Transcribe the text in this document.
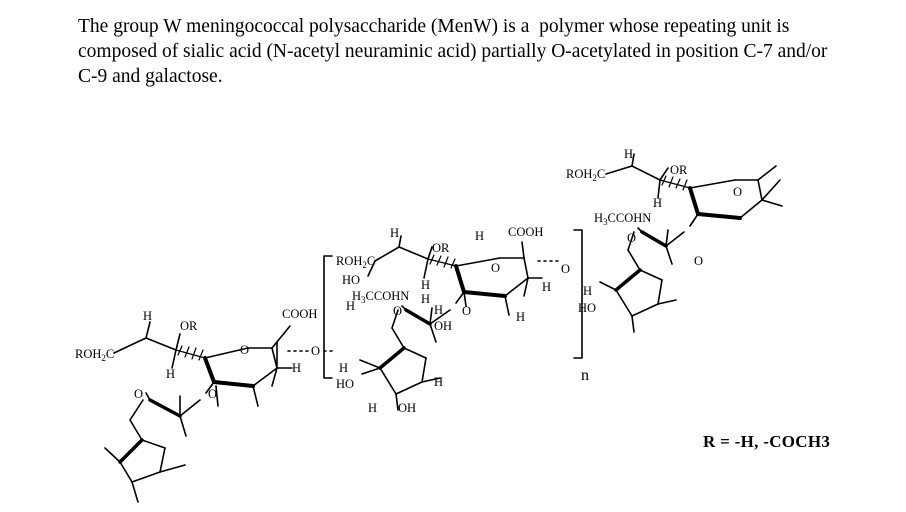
The group W meningococcal polysaccharide (MenW) is a  polymer whose repeating unit is composed of sialic acid (N-acetyl neuraminic acid) partially O-acetylated in position C-7 and/or C-9 and galactose.
$ROH_2C$
H
OR
H
COOH
O
H
O
O	O
$ROH_2C$
H
OR
H COOH
HO
$H_3CCOHN$
H
H
O
H
O
H
H
OH
O	O
H
H
HO	H
H OH
$ROH_2C$
H
OR
$H_3CCOHN$
H
O
O
O
H
HO
n
R = -H, -COCH3
